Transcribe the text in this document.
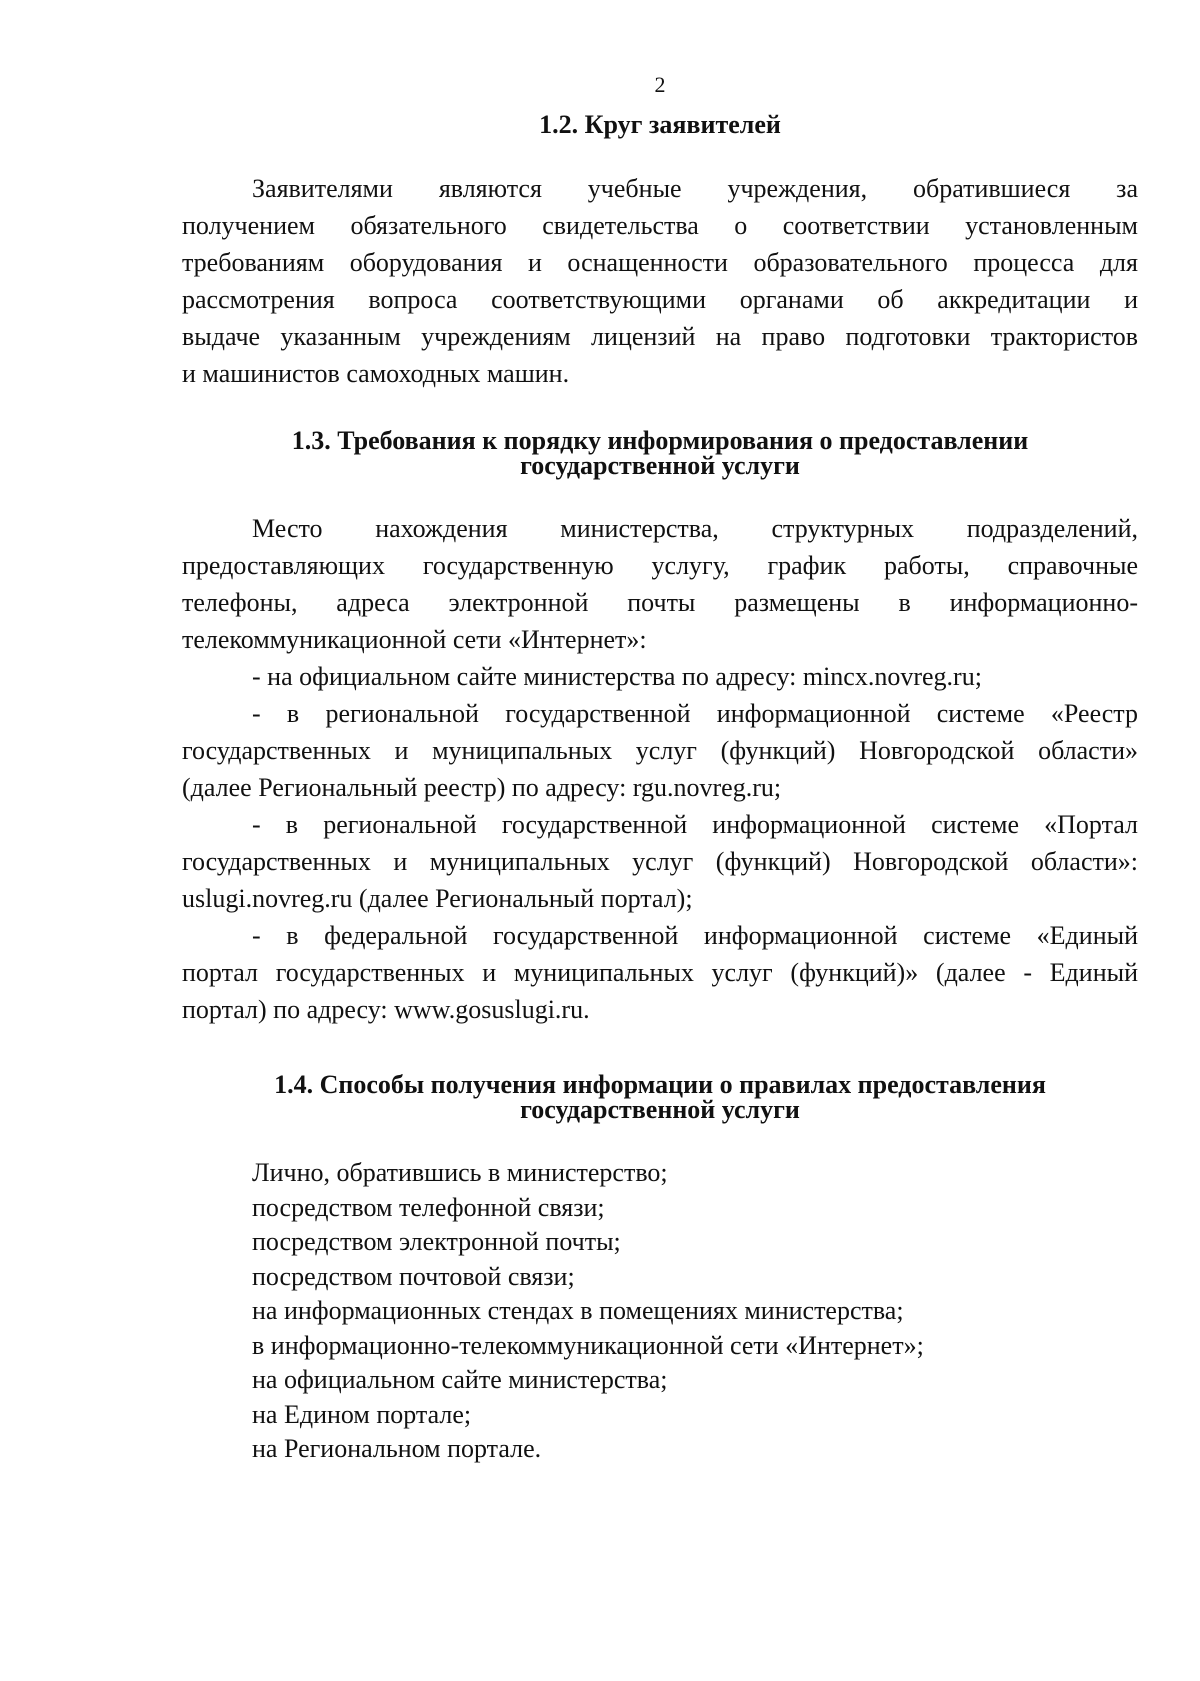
2
1.2. Круг заявителей

Заявителями являются учебные учреждения, обратившиеся за
получением обязательного свидетельства о соответствии установленным
требованиям оборудования и оснащенности образовательного процесса для
рассмотрения вопроса соответствующими органами об аккредитации и
выдаче указанным учреждениям лицензий на право подготовки трактористов
и машинистов самоходных машин.

1.3. Требования к порядку информирования о предоставлении
государственной услуги

Место нахождения министерства, структурных подразделений,
предоставляющих государственную услугу, график работы, справочные
телефоны, адреса электронной почты размещены в информационно-
телекоммуникационной сети «Интернет»:

- на официальном сайте министерства по адресу: mincx.novreg.ru;

- в региональной государственной информационной системе «Реестр
государственных и муниципальных услуг (функций) Новгородской области»
(далее Региональный реестр) по адресу: rgu.novreg.ru;

- в региональной государственной информационной системе «Портал
государственных и муниципальных услуг (функций) Новгородской области»:
uslugi.novreg.ru (далее Региональный портал);

- в федеральной государственной информационной системе «Единый
портал государственных и муниципальных услуг (функций)» (далее - Единый
портал) по адресу: www.gosuslugi.ru.

1.4. Способы получения информации о правилах предоставления
государственной услуги
Лично, обратившись в министерство;
посредством телефонной связи;
посредством электронной почты;
посредством почтовой связи;
на информационных стендах в помещениях министерства;
в информационно-телекоммуникационной сети «Интернет»;
на официальном сайте министерства;
на Едином портале;
на Региональном портале.
